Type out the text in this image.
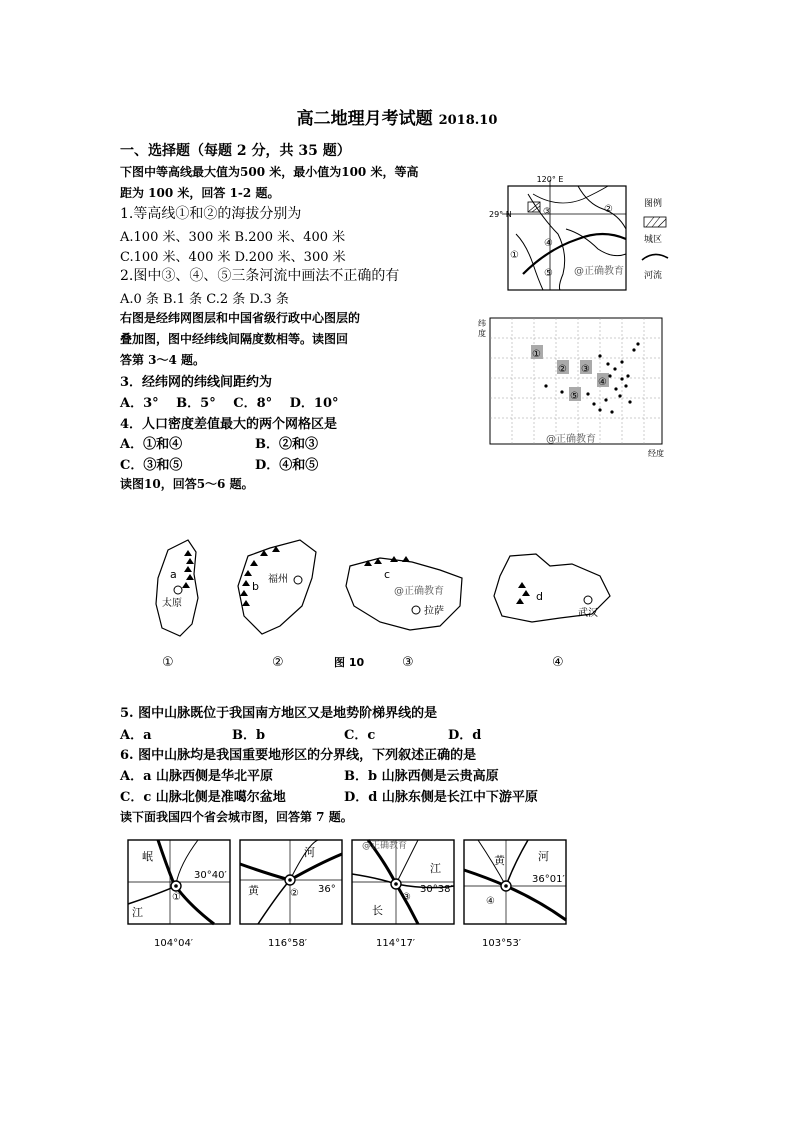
高二地理月考试题 2018.10
一、选择题（每题 2 分，共 35 题）
下图中等高线最大值为500 米，最小值为100 米，等高
距为 100 米，回答 1-2 题。
1.等高线①和②的海拔分别为
A.100 米、300 米 B.200 米、400 米
C.100 米、400 米 D.200 米、300 米
2.图中③、④、⑤三条河流中画法不正确的有
A.0 条 B.1 条 C.2 条 D.3 条
右图是经纬网图层和中国省级行政中心图层的
叠加图，图中经纬线间隔度数相等。读图回
答第 3～4 题。
3．经纬网的纬线间距约为
A．3°　 B．5°　 C．8°　 D．10°
4．人口密度差值最大的两个网格区是
A．①和④	B．②和③
C．③和⑤	D．④和⑤
读图10，回答5～6 题。
120° E
29° N	③	②
①
④
⑤ @正确教育
图例
城区
河流
纬
度
①
② ③
④
⑤
@正确教育
经度
a
太原
①
b
福州
②
c
@正确教育
拉萨
③
d
武汉
④
图 10
5. 图中山脉既位于我国南方地区又是地势阶梯界线的是
A．a	B．b	C．c	D．d
6. 图中山脉均是我国重要地形区的分界线，下列叙述正确的是
A．a 山脉西侧是华北平原	B．b 山脉西侧是云贵高原
C．c 山脉北侧是准噶尔盆地	D．d 山脉东侧是长江中下游平原
读下面我国四个省会城市图，回答第 7 题。
岷
江
①
30°40′
104°04′
河
黄	② 36°
116°58′
@正确教育
江
长
③
30°38′
114°17′
黄	河
④
36°01′
103°53′
